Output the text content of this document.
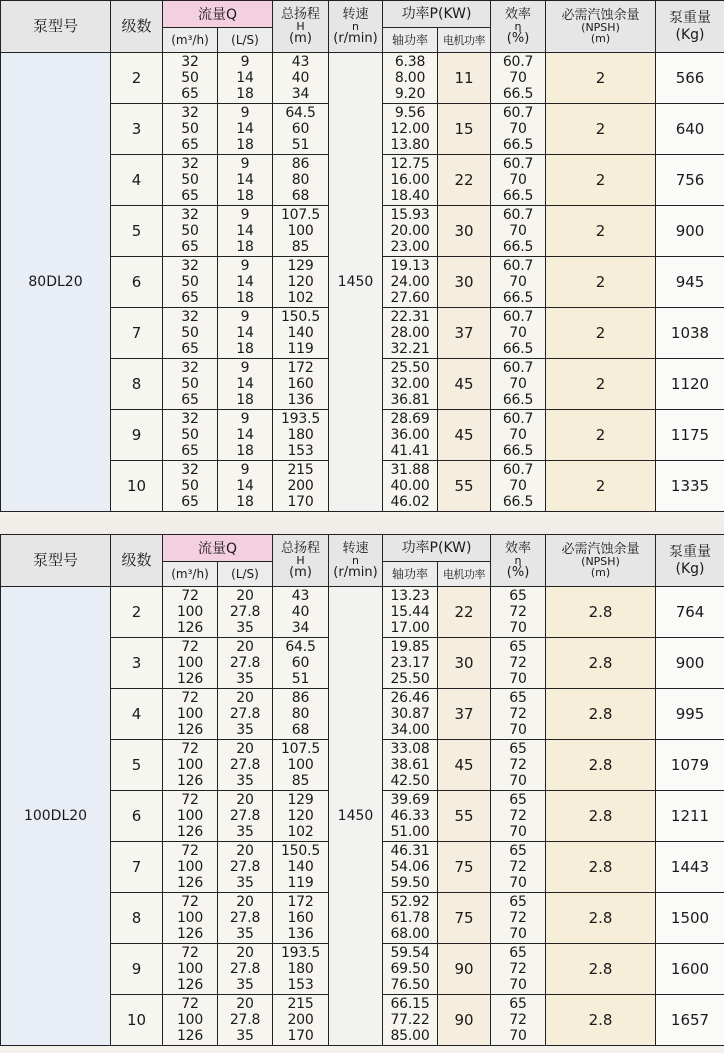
泵型号	级数	流量Q		总扬程
H
(m)	转速
n
(r/min)	功率P(KW)		效率
η
(%)	必需汽蚀余量
(NPSH)
(m)	泵重量(Kg)

		(m³/h)	(L/S)			轴功率	电机功率			
80DL20	2	32
50
65	9
14
18	43
40
34	1450	6.38
8.00
9.20	11	60.7
70
66.5	2	566
	3	32
50
65	9
14
18	64.5
60
51		9.56
12.00
13.80	15	60.7
70
66.5	2	640
	4	32
50
65	9
14
18	86
80
68		12.75
16.00
18.40	22	60.7
70
66.5	2	756
	5	32
50
65	9
14
18	107.5
100
85		15.93
20.00
23.00	30	60.7
70
66.5	2	900
	6	32
50
65	9
14
18	129
120
102		19.13
24.00
27.60	30	60.7
70
66.5	2	945
	7	32
50
65	9
14
18	150.5
140
119		22.31
28.00
32.21	37	60.7
70
66.5	2	1038
	8	32
50
65	9
14
18	172
160
136		25.50
32.00
36.81	45	60.7
70
66.5	2	1120
	9	32
50
65	9
14
18	193.5
180
153		28.69
36.00
41.41	45	60.7
70
66.5	2	1175
	10	32
50
65	9
14
18	215
200
170		31.88
40.00
46.02	55	60.7
70
66.5	2	1335
泵型号	级数	流量Q		总扬程
H
(m)	转速
n
(r/min)	功率P(KW)		效率
η
(%)	必需汽蚀余量
(NPSH)
(m)	泵重量(Kg)

		(m³/h)	(L/S)			轴功率	电机功率			
100DL20	2	72
100
126	20
27.8
35	43
40
34	1450	13.23
15.44
17.00	22	65
72
70	2.8	764
	3	72
100
126	20
27.8
35	64.5
60
51		19.85
23.17
25.50	30	65
72
70	2.8	900
	4	72
100
126	20
27.8
35	86
80
68		26.46
30.87
34.00	37	65
72
70	2.8	995
	5	72
100
126	20
27.8
35	107.5
100
85		33.08
38.61
42.50	45	65
72
70	2.8	1079
	6	72
100
126	20
27.8
35	129
120
102		39.69
46.33
51.00	55	65
72
70	2.8	1211
	7	72
100
126	20
27.8
35	150.5
140
119		46.31
54.06
59.50	75	65
72
70	2.8	1443
	8	72
100
126	20
27.8
35	172
160
136		52.92
61.78
68.00	75	65
72
70	2.8	1500
	9	72
100
126	20
27.8
35	193.5
180
153		59.54
69.50
76.50	90	65
72
70	2.8	1600
	10	72
100
126	20
27.8
35	215
200
170		66.15
77.22
85.00	90	65
72
70	2.8	1657
